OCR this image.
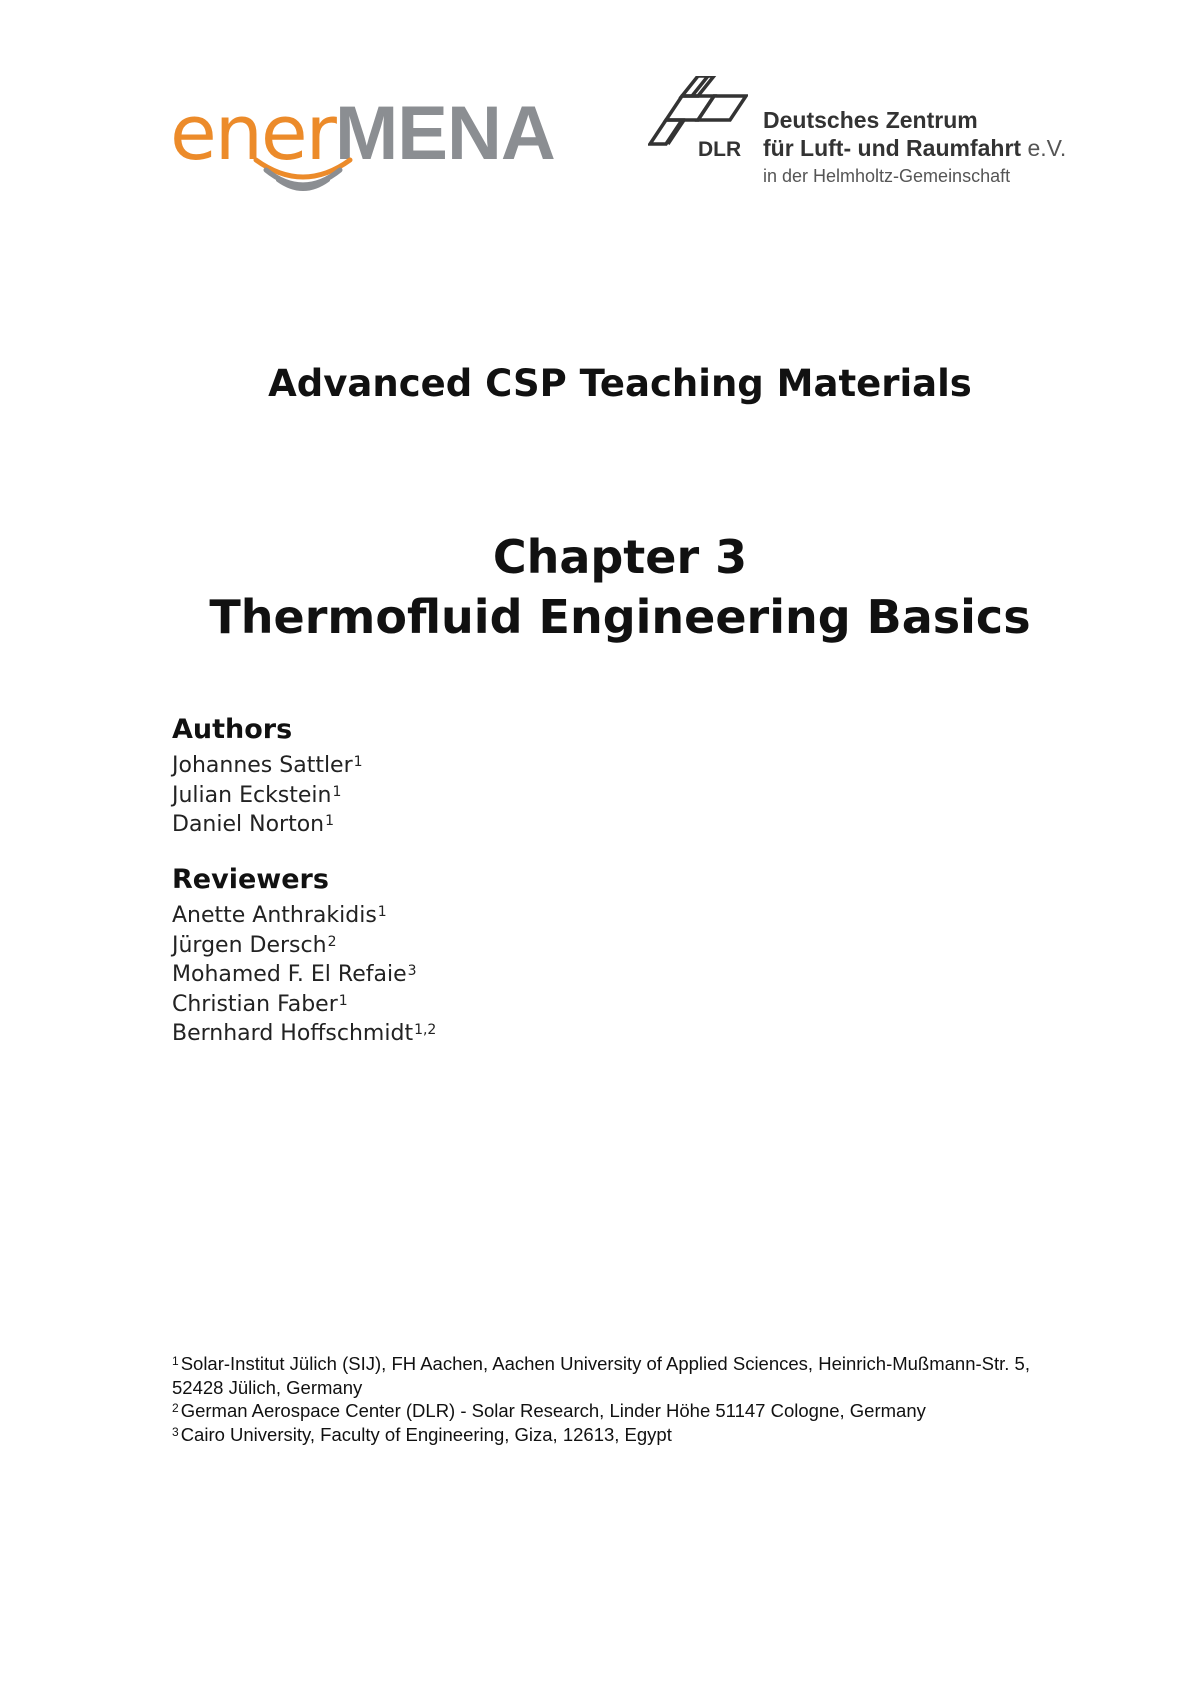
enerMENA	DLR
Deutsches Zentrum
für Luft- und Raumfahrt e.V.
in der Helmholtz-Gemeinschaft
Advanced CSP Teaching Materials
Chapter 3
Thermofluid Engineering Basics
Authors
Johannes Sattler$^1$
Julian Eckstein$^1$
Daniel Norton$^1$
Reviewers
Anette Anthrakidis$^1$
Jürgen Dersch$^2$
Mohamed F. El Refaie$^3$
Christian Faber$^1$
Bernhard Hoffschmidt$^{1,2}$
$^1$ Solar-Institut Jülich (SIJ), FH Aachen, Aachen University of Applied Sciences, Heinrich-Mußmann-Str. 5, 52428 Jülich, Germany
$^2$ German Aerospace Center (DLR) - Solar Research, Linder Höhe 51147 Cologne, Germany
$^3$ Cairo University, Faculty of Engineering, Giza, 12613, Egypt
